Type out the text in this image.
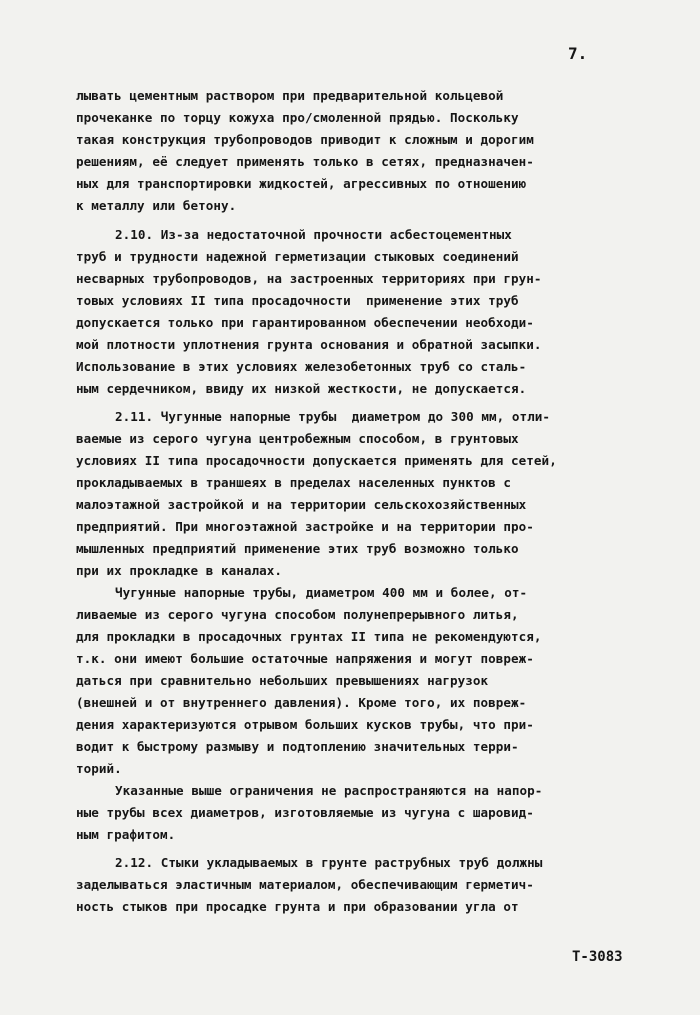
7.
лывать цементным раствором при предварительной кольцевой
прочеканке по торцу кожуха про/смоленной прядью. Поскольку
такая конструкция трубопроводов приводит к сложным и дорогим
решениям, её следует применять только в сетях, предназначен-
ных для транспортировки жидкостей, агрессивных по отношению
к металлу или бетону.
2.10. Из-за недостаточной прочности асбестоцементных
труб и трудности надежной герметизации стыковых соединений
несварных трубопроводов, на застроенных территориях при грун-
товых условиях II типа просадочности  применение этих труб
допускается только при гарантированном обеспечении необходи-
мой плотности уплотнения грунта основания и обратной засыпки.
Использование в этих условиях железобетонных труб со сталь-
ным сердечником, ввиду их низкой жесткости, не допускается.
2.11. Чугунные напорные трубы  диаметром до 300 мм, отли-
ваемые из серого чугуна центробежным способом, в грунтовых
условиях II типа просадочности допускается применять для сетей,
прокладываемых в траншеях в пределах населенных пунктов с
малоэтажной застройкой и на территории сельскохозяйственных
предприятий. При многоэтажной застройке и на территории про-
мышленных предприятий применение этих труб возможно только
при их прокладке в каналах.
Чугунные напорные трубы, диаметром 400 мм и более, от-
ливаемые из серого чугуна способом полунепрерывного литья,
для прокладки в просадочных грунтах II типа не рекомендуются,
т.к. они имеют большие остаточные напряжения и могут повреж-
даться при сравнительно небольших превышениях нагрузок
(внешней и от внутреннего давления). Кроме того, их повреж-
дения характеризуются отрывом больших кусков трубы, что при-
водит к быстрому размыву и подтоплению значительных терри-
торий.
Указанные выше ограничения не распространяются на напор-
ные трубы всех диаметров, изготовляемые из чугуна с шаровид-
ным графитом.
2.12. Стыки укладываемых в грунте раструбных труб должны
заделываться эластичным материалом, обеспечивающим герметич-
ность стыков при просадке грунта и при образовании угла от
Т-3083
